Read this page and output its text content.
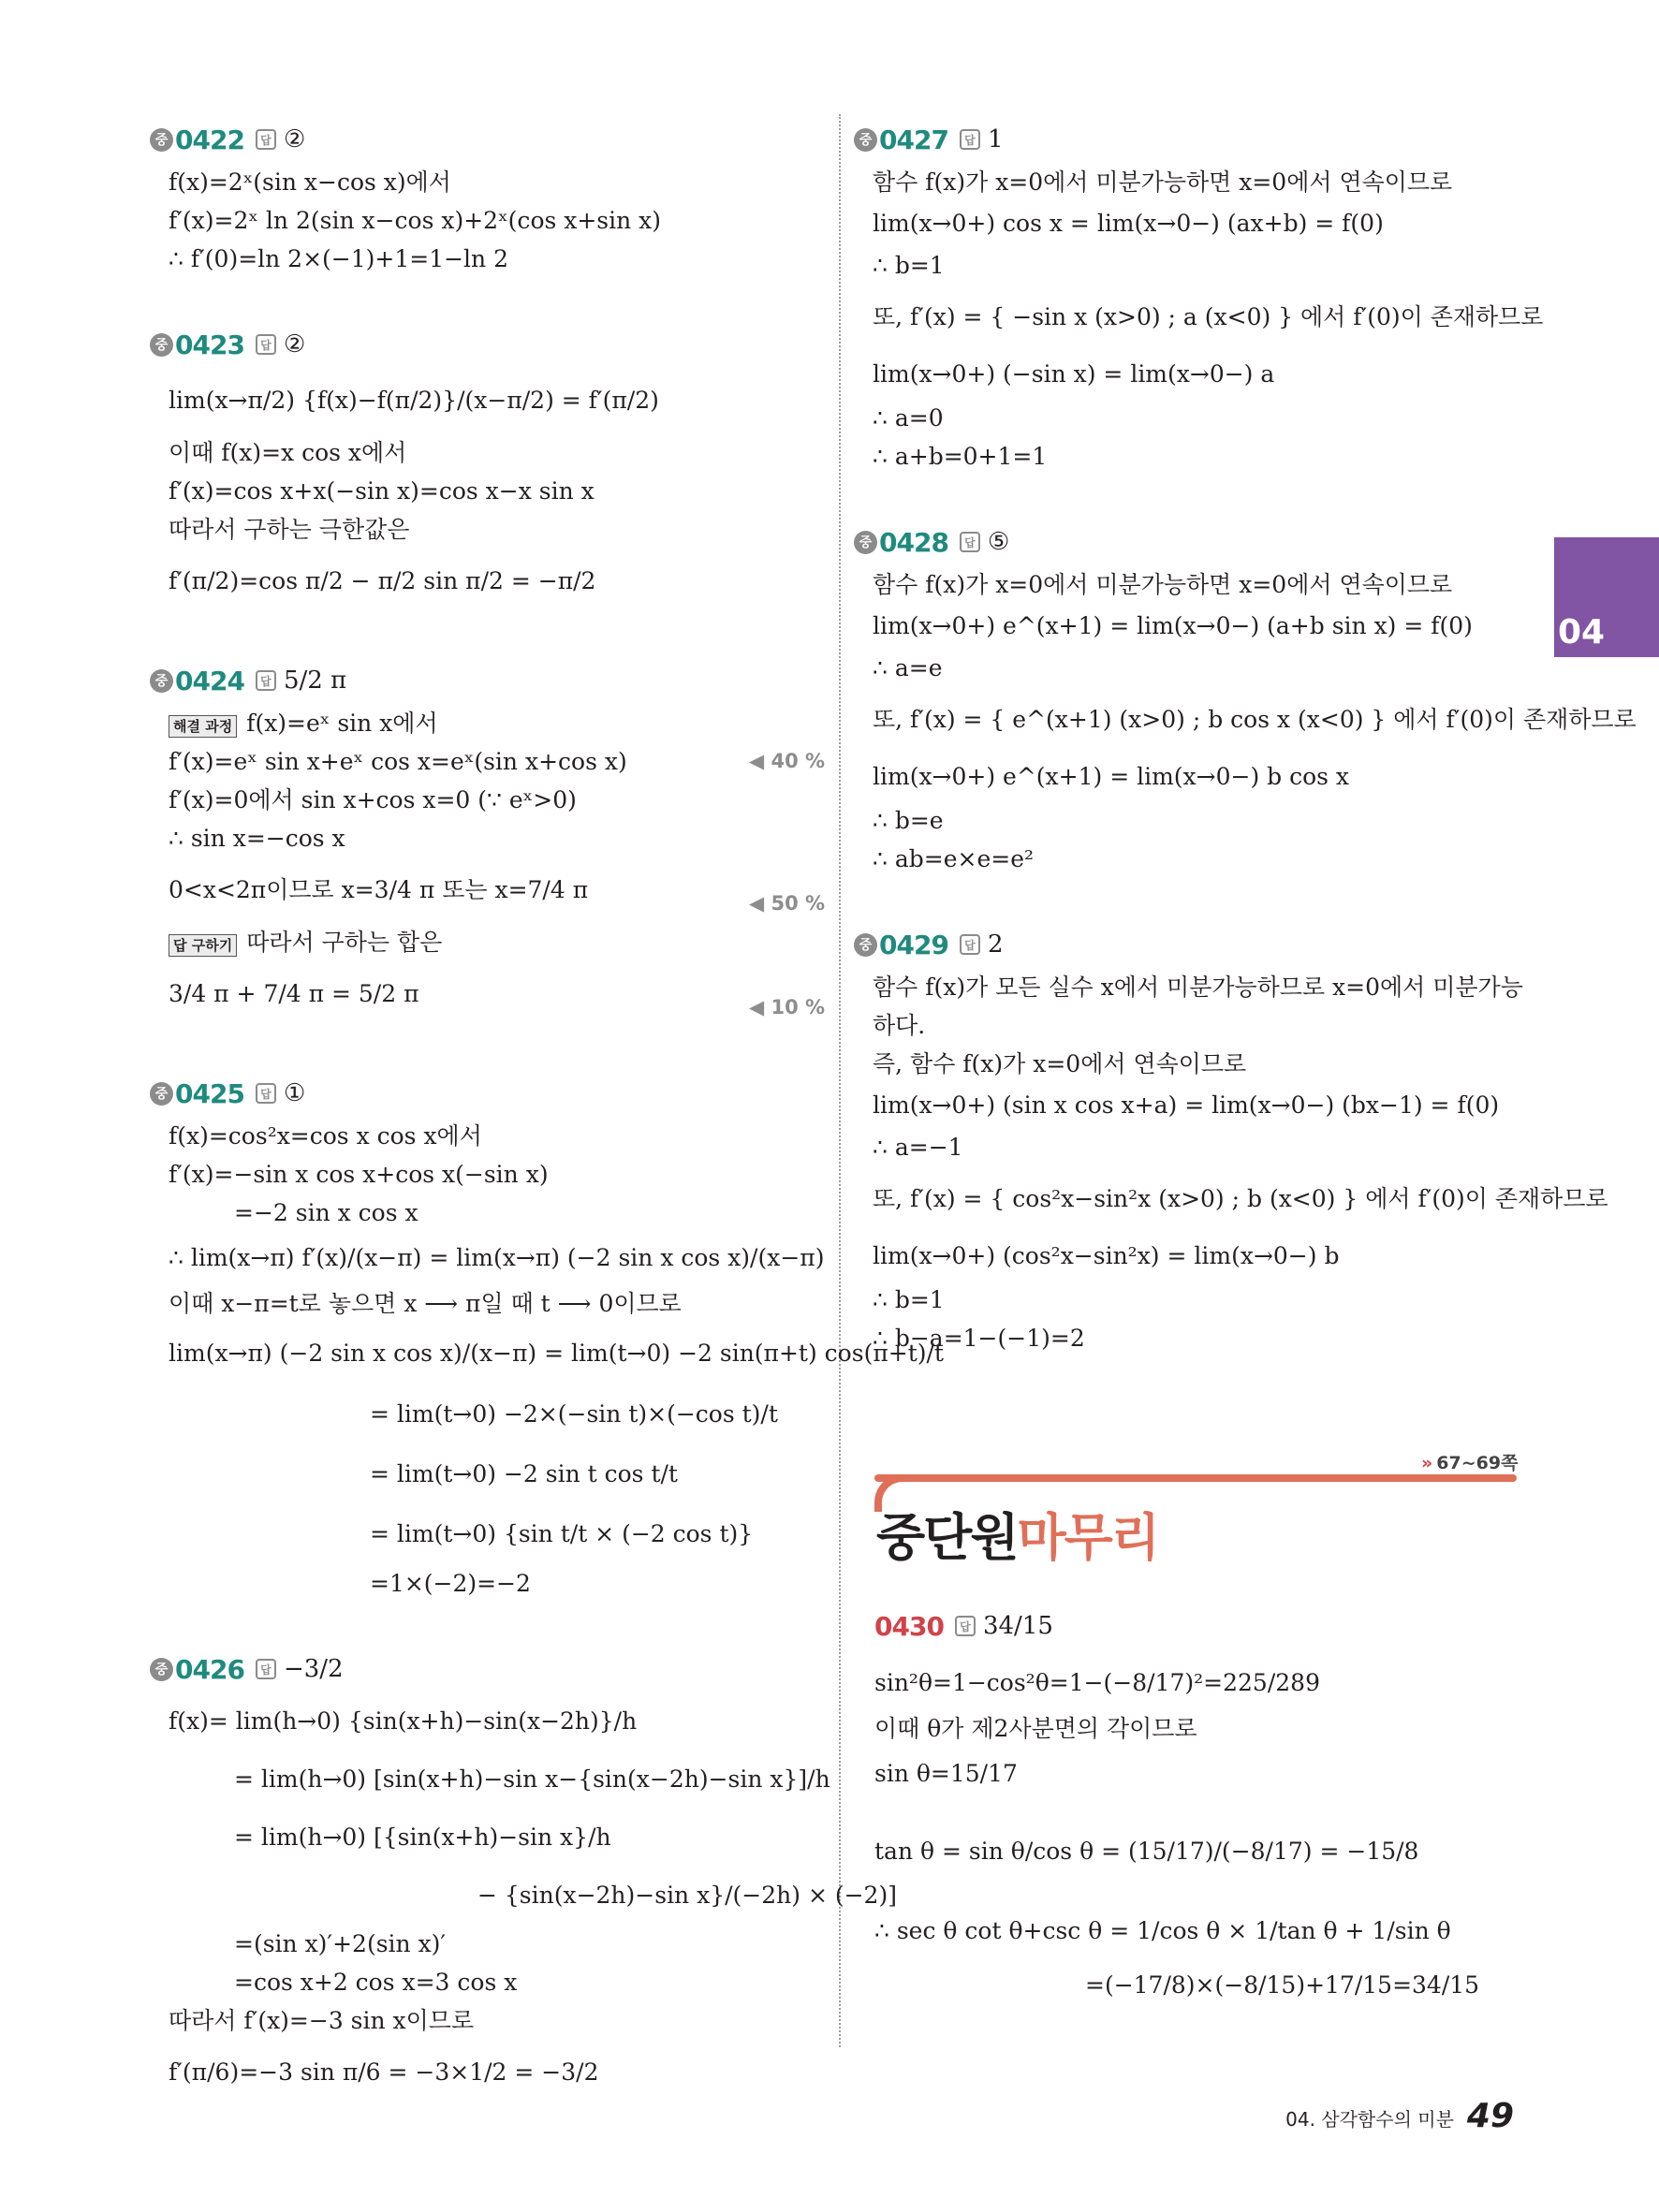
중 0422	답 ②
f(x)=2ˣ(sin x−cos x)에서
f′(x)=2ˣ ln 2(sin x−cos x)+2ˣ(cos x+sin x)
∴ f′(0)=ln 2×(−1)+1=1−ln 2
중 0423	답 ②
lim(x→π/2) {f(x)−f(π/2)}/(x−π/2) = f′(π/2)
이때 f(x)=x cos x에서
f′(x)=cos x+x(−sin x)=cos x−x sin x
따라서 구하는 극한값은
f′(π/2)=cos π/2 − π/2 sin π/2 = −π/2
중 0424	답 5/2 π
해결 과정 f(x)=eˣ sin x에서
f′(x)=eˣ sin x+eˣ cos x=eˣ(sin x+cos x)	◀ 40 %
f′(x)=0에서 sin x+cos x=0 (∵ eˣ>0)
∴ sin x=−cos x
0<x<2π이므로 x=3/4 π 또는 x=7/4 π	◀ 50 %
답 구하기 따라서 구하는 합은
3/4 π + 7/4 π = 5/2 π	◀ 10 %
중 0425	답 ①
f(x)=cos²x=cos x cos x에서
f′(x)=−sin x cos x+cos x(−sin x)
=−2 sin x cos x
∴ lim(x→π) f′(x)/(x−π) = lim(x→π) (−2 sin x cos x)/(x−π)
이때 x−π=t로 놓으면 x ⟶ π일 때 t ⟶ 0이므로
lim(x→π) (−2 sin x cos x)/(x−π) = lim(t→0) −2 sin(π+t) cos(π+t)/t
= lim(t→0) −2×(−sin t)×(−cos t)/t
= lim(t→0) −2 sin t cos t/t
= lim(t→0) {sin t/t × (−2 cos t)}
=1×(−2)=−2
중 0426	답 −3/2
f(x)= lim(h→0) {sin(x+h)−sin(x−2h)}/h
= lim(h→0) [sin(x+h)−sin x−{sin(x−2h)−sin x}]/h
= lim(h→0) [{sin(x+h)−sin x}/h
− {sin(x−2h)−sin x}/(−2h) × (−2)]
=(sin x)′+2(sin x)′
=cos x+2 cos x=3 cos x
따라서 f′(x)=−3 sin x이므로
f′(π/6)=−3 sin π/6 = −3×1/2 = −3/2
중 0427	답 1
함수 f(x)가 x=0에서 미분가능하면 x=0에서 연속이므로
lim(x→0+) cos x = lim(x→0−) (ax+b) = f(0)
∴ b=1
또, f′(x) = { −sin x (x>0) ; a (x<0) } 에서 f′(0)이 존재하므로
lim(x→0+) (−sin x) = lim(x→0−) a
∴ a=0
∴ a+b=0+1=1
중 0428	답 ⑤
함수 f(x)가 x=0에서 미분가능하면 x=0에서 연속이므로
lim(x→0+) e^(x+1) = lim(x→0−) (a+b sin x) = f(0)
∴ a=e
또, f′(x) = { e^(x+1) (x>0) ; b cos x (x<0) } 에서 f′(0)이 존재하므로
lim(x→0+) e^(x+1) = lim(x→0−) b cos x
∴ b=e
∴ ab=e×e=e²
중 0429	답 2
함수 f(x)가 모든 실수 x에서 미분가능하므로 x=0에서 미분가능
하다.
즉, 함수 f(x)가 x=0에서 연속이므로
lim(x→0+) (sin x cos x+a) = lim(x→0−) (bx−1) = f(0)
∴ a=−1
또, f′(x) = { cos²x−sin²x (x>0) ; b (x<0) } 에서 f′(0)이 존재하므로
lim(x→0+) (cos²x−sin²x) = lim(x→0−) b
∴ b=1
∴ b−a=1−(−1)=2
» 67~69쪽
중단원마무리
0430	답 34/15
sin²θ=1−cos²θ=1−(−8/17)²=225/289
이때 θ가 제2사분면의 각이므로
sin θ=15/17
tan θ = sin θ/cos θ = (15/17)/(−8/17) = −15/8
∴ sec θ cot θ+csc θ = 1/cos θ × 1/tan θ + 1/sin θ
=(−17/8)×(−8/15)+17/15=34/15
04
04. 삼각함수의 미분 49
